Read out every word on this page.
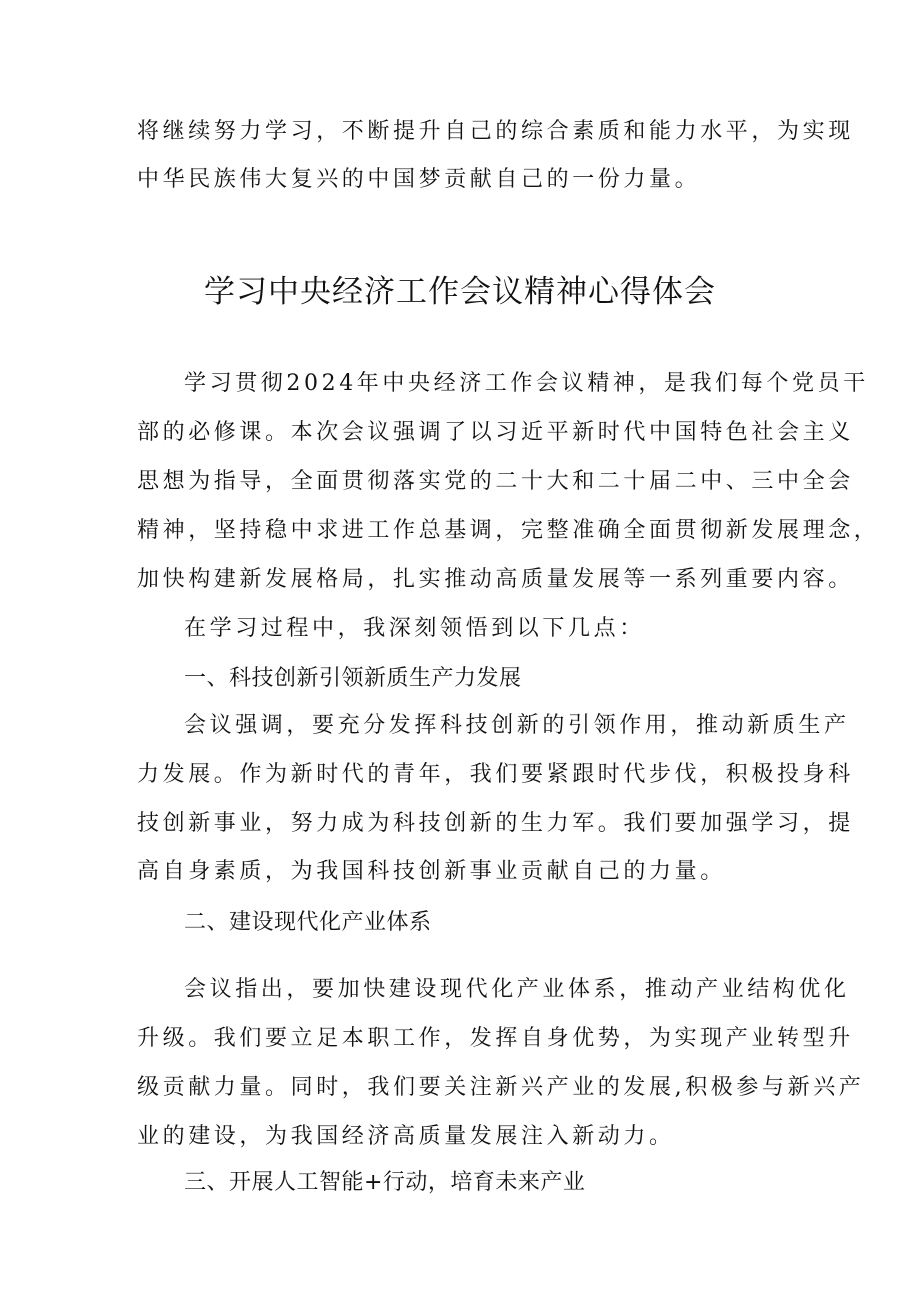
将继续努力学习，不断提升自己的综合素质和能力水平，为实现
中华民族伟大复兴的中国梦贡献自己的一份力量。
学习中央经济工作会议精神心得体会
学习贯彻2024年中央经济工作会议精神，是我们每个党员干
部的必修课。本次会议强调了以习近平新时代中国特色社会主义
思想为指导，全面贯彻落实党的二十大和二十届二中、三中全会
精神，坚持稳中求进工作总基调，完整准确全面贯彻新发展理念，
加快构建新发展格局，扎实推动高质量发展等一系列重要内容。
在学习过程中，我深刻领悟到以下几点：
一、科技创新引领新质生产力发展
会议强调，要充分发挥科技创新的引领作用，推动新质生产
力发展。作为新时代的青年，我们要紧跟时代步伐，积极投身科
技创新事业，努力成为科技创新的生力军。我们要加强学习，提
高自身素质，为我国科技创新事业贡献自己的力量。
二、建设现代化产业体系
会议指出，要加快建设现代化产业体系，推动产业结构优化
升级。我们要立足本职工作，发挥自身优势，为实现产业转型升
级贡献力量。同时，我们要关注新兴产业的发展,积极参与新兴产
业的建设，为我国经济高质量发展注入新动力。
三、开展人工智能+行动，培育未来产业
